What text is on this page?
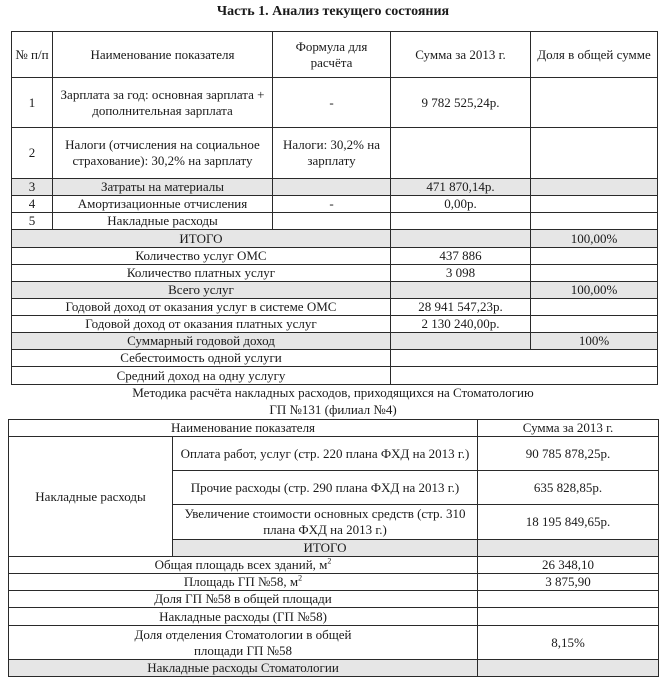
Часть 1. Анализ текущего состояния
№ п/п	Наименование показателя	Формула для расчёта	Сумма за 2013 г.	Доля в общей сумме
1	Зарплата за год: основная зарплата + дополнительная зарплата	-	9 782 525,24р.	
2	Налоги (отчисления на социальное страхование): 30,2% на зарплату	Налоги: 30,2% на зарплату		
3	Затраты на материалы		471 870,14р.	
4	Амортизационные отчисления	-	0,00р.	
5	Накладные расходы			
ИТОГО				100,00%
Количество услуг ОМС			437 886	
Количество платных услуг			3 098	
Всего услуг				100,00%
Годовой доход от оказания услуг в системе ОМС			28 941 547,23р.	
Годовой доход от оказания платных услуг			2 130 240,00р.	
Суммарный годовой доход				100%
Себестоимость одной услуги				
Средний доход на одну услугу				
Методика расчёта накладных расходов, приходящихся на Стоматологию
ГП №131 (филиал №4)
Наименование показателя		Сумма за 2013 г.
Накладные расходы	Оплата работ, услуг (стр. 220 плана ФХД на 2013 г.)	90 785 878,25р.
	Прочие расходы (стр. 290 плана ФХД на 2013 г.)	635 828,85р.
	Увеличение стоимости основных средств (стр. 310 плана ФХД на 2013 г.)	18 195 849,65р.
	ИТОГО	
Общая площадь всех зданий, $м^2$		26 348,10
Площадь ГП №58, $м^2$		3 875,90
Доля ГП №58 в общей площади		
Накладные расходы (ГП №58)		
Доля отделения Стоматологии в общей площади ГП №58		8,15%
Накладные расходы Стоматологии		
